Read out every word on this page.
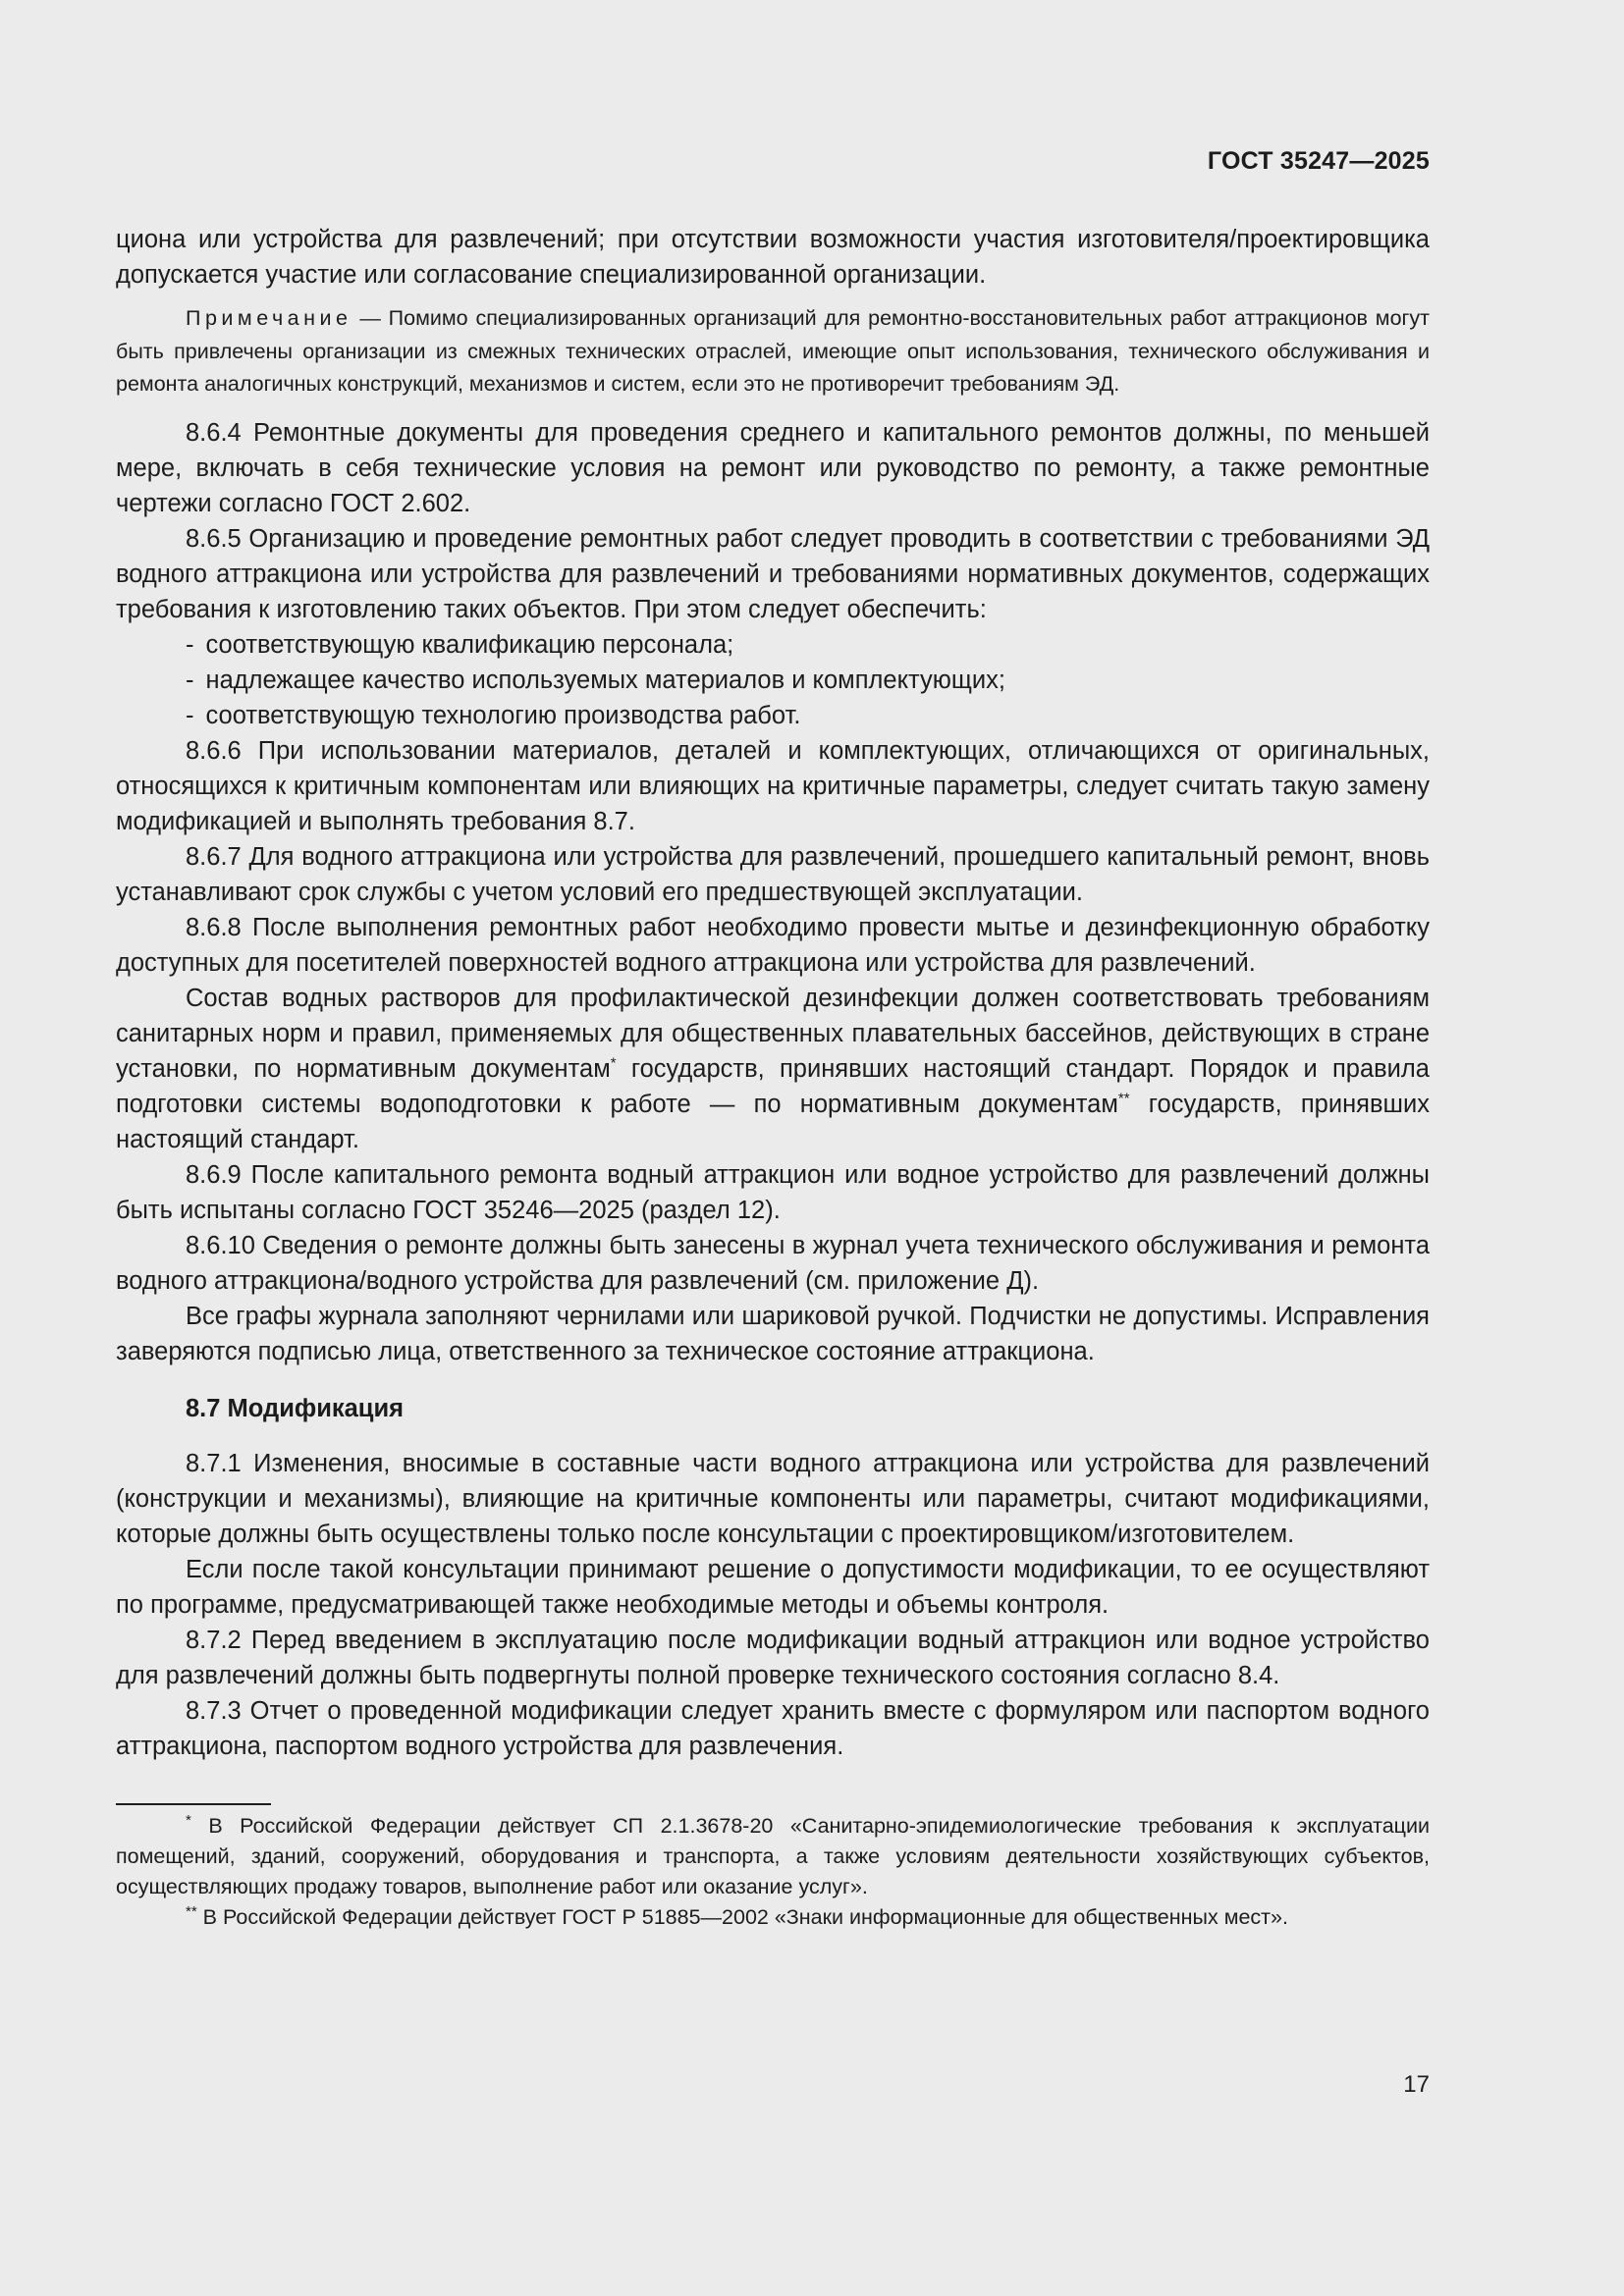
ГОСТ 35247—2025

циона или устройства для развлечений; при отсутствии возможности участия изготовителя/проектировщика допускается участие или согласование специализированной организации.

Примечание — Помимо специализированных организаций для ремонтно-восстановительных работ аттракционов могут быть привлечены организации из смежных технических отраслей, имеющие опыт использования, технического обслуживания и ремонта аналогичных конструкций, механизмов и систем, если это не противоречит требованиям ЭД.

8.6.4 Ремонтные документы для проведения среднего и капитального ремонтов должны, по меньшей мере, включать в себя технические условия на ремонт или руководство по ремонту, а также ремонтные чертежи согласно ГОСТ 2.602.

8.6.5 Организацию и проведение ремонтных работ следует проводить в соответствии с требованиями ЭД водного аттракциона или устройства для развлечений и требованиями нормативных документов, содержащих требования к изготовлению таких объектов. При этом следует обеспечить:

- соответствующую квалификацию персонала;
- надлежащее качество используемых материалов и комплектующих;
- соответствующую технологию производства работ.

8.6.6 При использовании материалов, деталей и комплектующих, отличающихся от оригинальных, относящихся к критичным компонентам или влияющих на критичные параметры, следует считать такую замену модификацией и выполнять требования 8.7.

8.6.7 Для водного аттракциона или устройства для развлечений, прошедшего капитальный ремонт, вновь устанавливают срок службы с учетом условий его предшествующей эксплуатации.

8.6.8 После выполнения ремонтных работ необходимо провести мытье и дезинфекционную обработку доступных для посетителей поверхностей водного аттракциона или устройства для развлечений.

Состав водных растворов для профилактической дезинфекции должен соответствовать требованиям санитарных норм и правил, применяемых для общественных плавательных бассейнов, действующих в стране установки, по нормативным документам* государств, принявших настоящий стандарт. Порядок и правила подготовки системы водоподготовки к работе — по нормативным документам** государств, принявших настоящий стандарт.

8.6.9 После капитального ремонта водный аттракцион или водное устройство для развлечений должны быть испытаны согласно ГОСТ 35246—2025 (раздел 12).

8.6.10 Сведения о ремонте должны быть занесены в журнал учета технического обслуживания и ремонта водного аттракциона/водного устройства для развлечений (см. приложение Д).

Все графы журнала заполняют чернилами или шариковой ручкой. Подчистки не допустимы. Исправления заверяются подписью лица, ответственного за техническое состояние аттракциона.

8.7 Модификация

8.7.1 Изменения, вносимые в составные части водного аттракциона или устройства для развлечений (конструкции и механизмы), влияющие на критичные компоненты или параметры, считают модификациями, которые должны быть осуществлены только после консультации с проектировщиком/изготовителем.

Если после такой консультации принимают решение о допустимости модификации, то ее осуществляют по программе, предусматривающей также необходимые методы и объемы контроля.

8.7.2 Перед введением в эксплуатацию после модификации водный аттракцион или водное устройство для развлечений должны быть подвергнуты полной проверке технического состояния согласно 8.4.

8.7.3 Отчет о проведенной модификации следует хранить вместе с формуляром или паспортом водного аттракциона, паспортом водного устройства для развлечения.

* В Российской Федерации действует СП 2.1.3678-20 «Санитарно-эпидемиологические требования к эксплуатации помещений, зданий, сооружений, оборудования и транспорта, а также условиям деятельности хозяйствующих субъектов, осуществляющих продажу товаров, выполнение работ или оказание услуг».

** В Российской Федерации действует ГОСТ Р 51885—2002 «Знаки информационные для общественных мест».

17
